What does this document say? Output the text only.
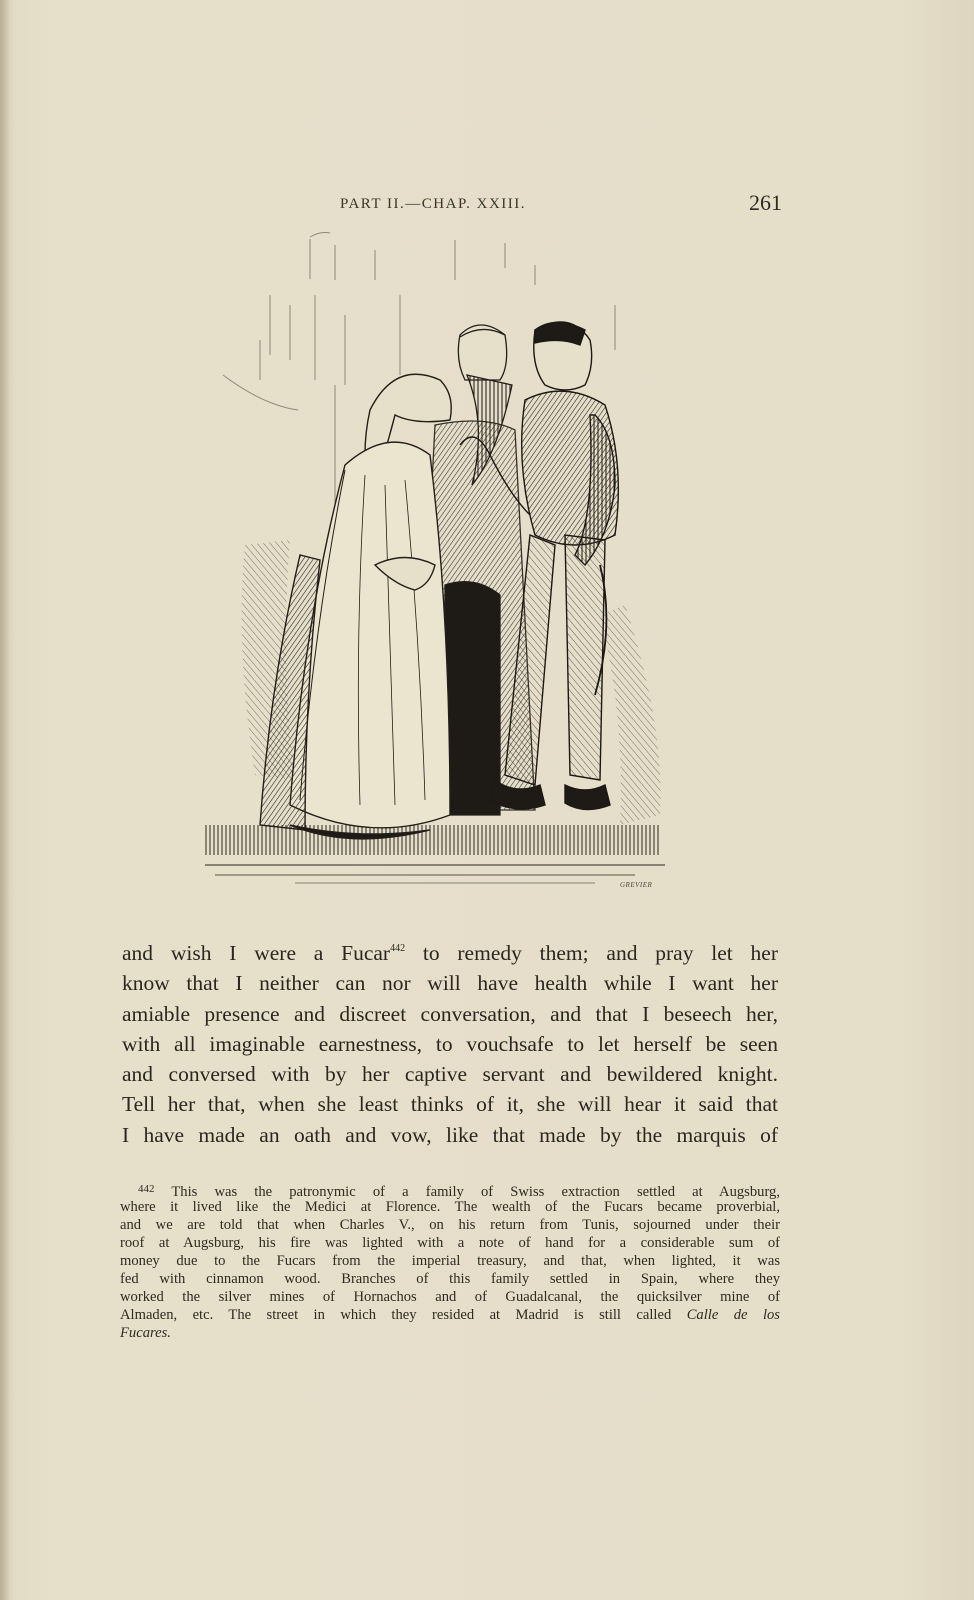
PART II.—CHAP. XXIII.	261
GREVIER
and wish I were a Fucar$^{442}$ to remedy them; and pray let her
know that I neither can nor will have health while I want her
amiable presence and discreet conversation, and that I beseech her,
with all imaginable earnestness, to vouchsafe to let herself be seen
and conversed with by her captive servant and bewildered knight.
Tell her that, when she least thinks of it, she will hear it said that
I have made an oath and vow, like that made by the marquis of
$^{442}$ This was the patronymic of a family of Swiss extraction settled at Augsburg,
where it lived like the Medici at Florence. The wealth of the Fucars became proverbial,
and we are told that when Charles V., on his return from Tunis, sojourned under their
roof at Augsburg, his fire was lighted with a note of hand for a considerable sum of
money due to the Fucars from the imperial treasury, and that, when lighted, it was
fed with cinnamon wood. Branches of this family settled in Spain, where they
worked the silver mines of Hornachos and of Guadalcanal, the quicksilver mine of
Almaden, etc. The street in which they resided at Madrid is still called Calle de los
Fucares.
